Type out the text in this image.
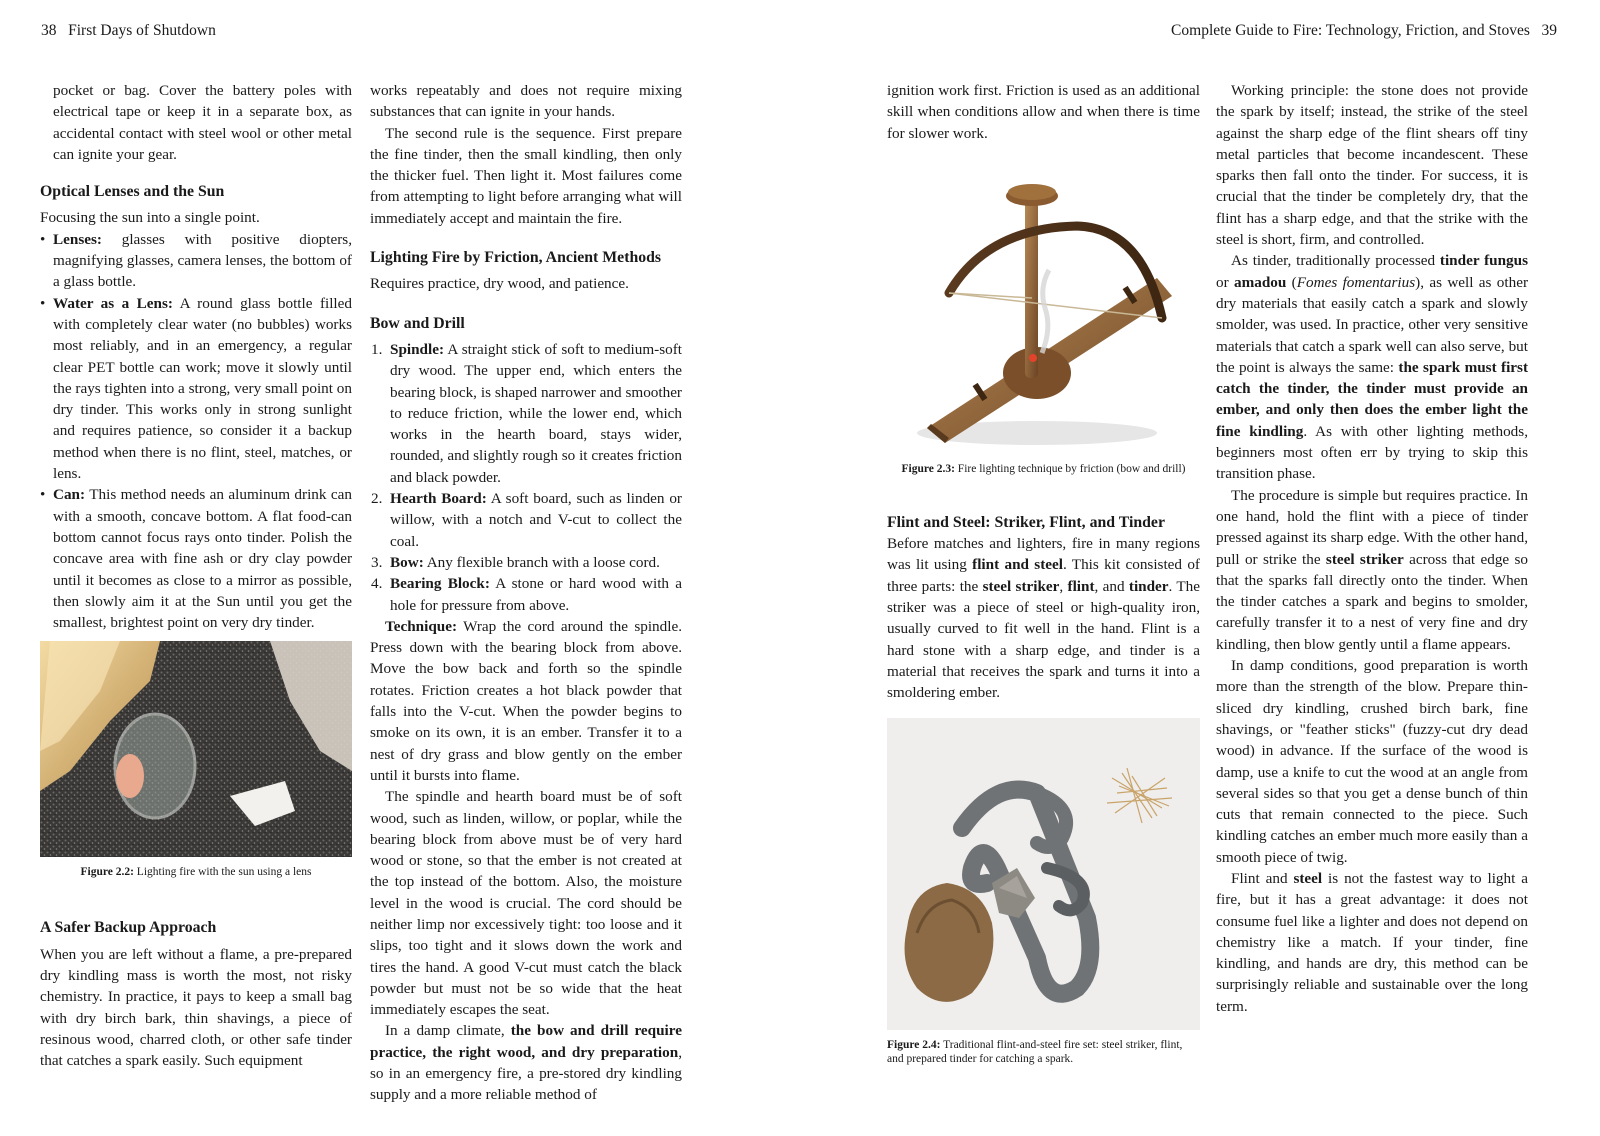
38 First Days of Shutdown

pocket or bag. Cover the battery poles with electrical tape or keep it in a separate box, as accidental contact with steel wool or other metal can ignite your gear.

Optical Lenses and the Sun

Focusing the sun into a single point.

• Lenses: glasses with positive diopters, magnifying glasses, camera lenses, the bottom of a glass bottle.
• Water as a Lens: A round glass bottle filled with completely clear water (no bubbles) works most reliably, and in an emergency, a regular clear PET bottle can work; move it slowly until the rays tighten into a strong, very small point on dry tinder. This works only in strong sunlight and requires patience, so consider it a backup method when there is no flint, steel, matches, or lens.
• Can: This method needs an aluminum drink can with a smooth, concave bottom. A flat food-can bottom cannot focus rays onto tinder. Polish the concave area with fine ash or dry clay powder until it becomes as close to a mirror as possible, then slowly aim it at the Sun until you get the smallest, brightest point on very dry tinder.
Figure 2.2: Lighting fire with the sun using a lens
A Safer Backup Approach

When you are left without a flame, a pre-prepared dry kindling mass is worth the most, not risky chemistry. In practice, it pays to keep a small bag with dry birch bark, thin shavings, a piece of resinous wood, charred cloth, or other safe tinder that catches a spark easily. Such equipment

works repeatably and does not require mixing substances that can ignite in your hands.

The second rule is the sequence. First prepare the fine tinder, then the small kindling, then only the thicker fuel. Then light it. Most failures come from attempting to light before arranging what will immediately accept and maintain the fire.

Lighting Fire by Friction, Ancient Methods

Requires practice, dry wood, and patience.

Bow and Drill
1. Spindle: A straight stick of soft to medium-soft dry wood. The upper end, which enters the bearing block, is shaped narrower and smoother to reduce friction, while the lower end, which works in the hearth board, stays wider, rounded, and slightly rough so it creates friction and black powder.
2. Hearth Board: A soft board, such as linden or willow, with a notch and V-cut to collect the coal.
3. Bow: Any flexible branch with a loose cord.
4. Bearing Block: A stone or hard wood with a hole for pressure from above.

Technique: Wrap the cord around the spindle. Press down with the bearing block from above. Move the bow back and forth so the spindle rotates. Friction creates a hot black powder that falls into the V-cut. When the powder begins to smoke on its own, it is an ember. Transfer it to a nest of dry grass and blow gently on the ember until it bursts into flame.

The spindle and hearth board must be of soft wood, such as linden, willow, or poplar, while the bearing block from above must be of very hard wood or stone, so that the ember is not created at the top instead of the bottom. Also, the moisture level in the wood is crucial. The cord should be neither limp nor excessively tight: too loose and it slips, too tight and it slows down the work and tires the hand. A good V-cut must catch the black powder but must not be so wide that the heat immediately escapes the seat.

In a damp climate, the bow and drill require practice, the right wood, and dry preparation, so in an emergency fire, a pre-stored dry kindling supply and a more reliable method of

Complete Guide to Fire: Technology, Friction, and Stoves 39

ignition work first. Friction is used as an additional skill when conditions allow and when there is time for slower work.

Figure 2.3: Fire lighting technique by friction (bow and drill)
Flint and Steel: Striker, Flint, and Tinder

Before matches and lighters, fire in many regions was lit using flint and steel. This kit consisted of three parts: the steel striker, flint, and tinder. The striker was a piece of steel or high-quality iron, usually curved to fit well in the hand. Flint is a hard stone with a sharp edge, and tinder is a material that receives the spark and turns it into a smoldering ember.

Figure 2.4: Traditional flint-and-steel fire set: steel striker, flint, and prepared tinder for catching a spark.

Working principle: the stone does not provide the spark by itself; instead, the strike of the steel against the sharp edge of the flint shears off tiny metal particles that become incandescent. These sparks then fall onto the tinder. For success, it is crucial that the tinder be completely dry, that the flint has a sharp edge, and that the strike with the steel is short, firm, and controlled.

As tinder, traditionally processed tinder fungus or amadou (Fomes fomentarius), as well as other dry materials that easily catch a spark and slowly smolder, was used. In practice, other very sensitive materials that catch a spark well can also serve, but the point is always the same: the spark must first catch the tinder, the tinder must provide an ember, and only then does the ember light the fine kindling. As with other lighting methods, beginners most often err by trying to skip this transition phase.

The procedure is simple but requires practice. In one hand, hold the flint with a piece of tinder pressed against its sharp edge. With the other hand, pull or strike the steel striker across that edge so that the sparks fall directly onto the tinder. When the tinder catches a spark and begins to smolder, carefully transfer it to a nest of very fine and dry kindling, then blow gently until a flame appears.

In damp conditions, good preparation is worth more than the strength of the blow. Prepare thin-sliced dry kindling, crushed birch bark, fine shavings, or "feather sticks" (fuzzy-cut dry dead wood) in advance. If the surface of the wood is damp, use a knife to cut the wood at an angle from several sides so that you get a dense bunch of thin cuts that remain connected to the piece. Such kindling catches an ember much more easily than a smooth piece of twig.

Flint and steel is not the fastest way to light a fire, but it has a great advantage: it does not consume fuel like a lighter and does not depend on chemistry like a match. If your tinder, fine kindling, and hands are dry, this method can be surprisingly reliable and sustainable over the long term.
